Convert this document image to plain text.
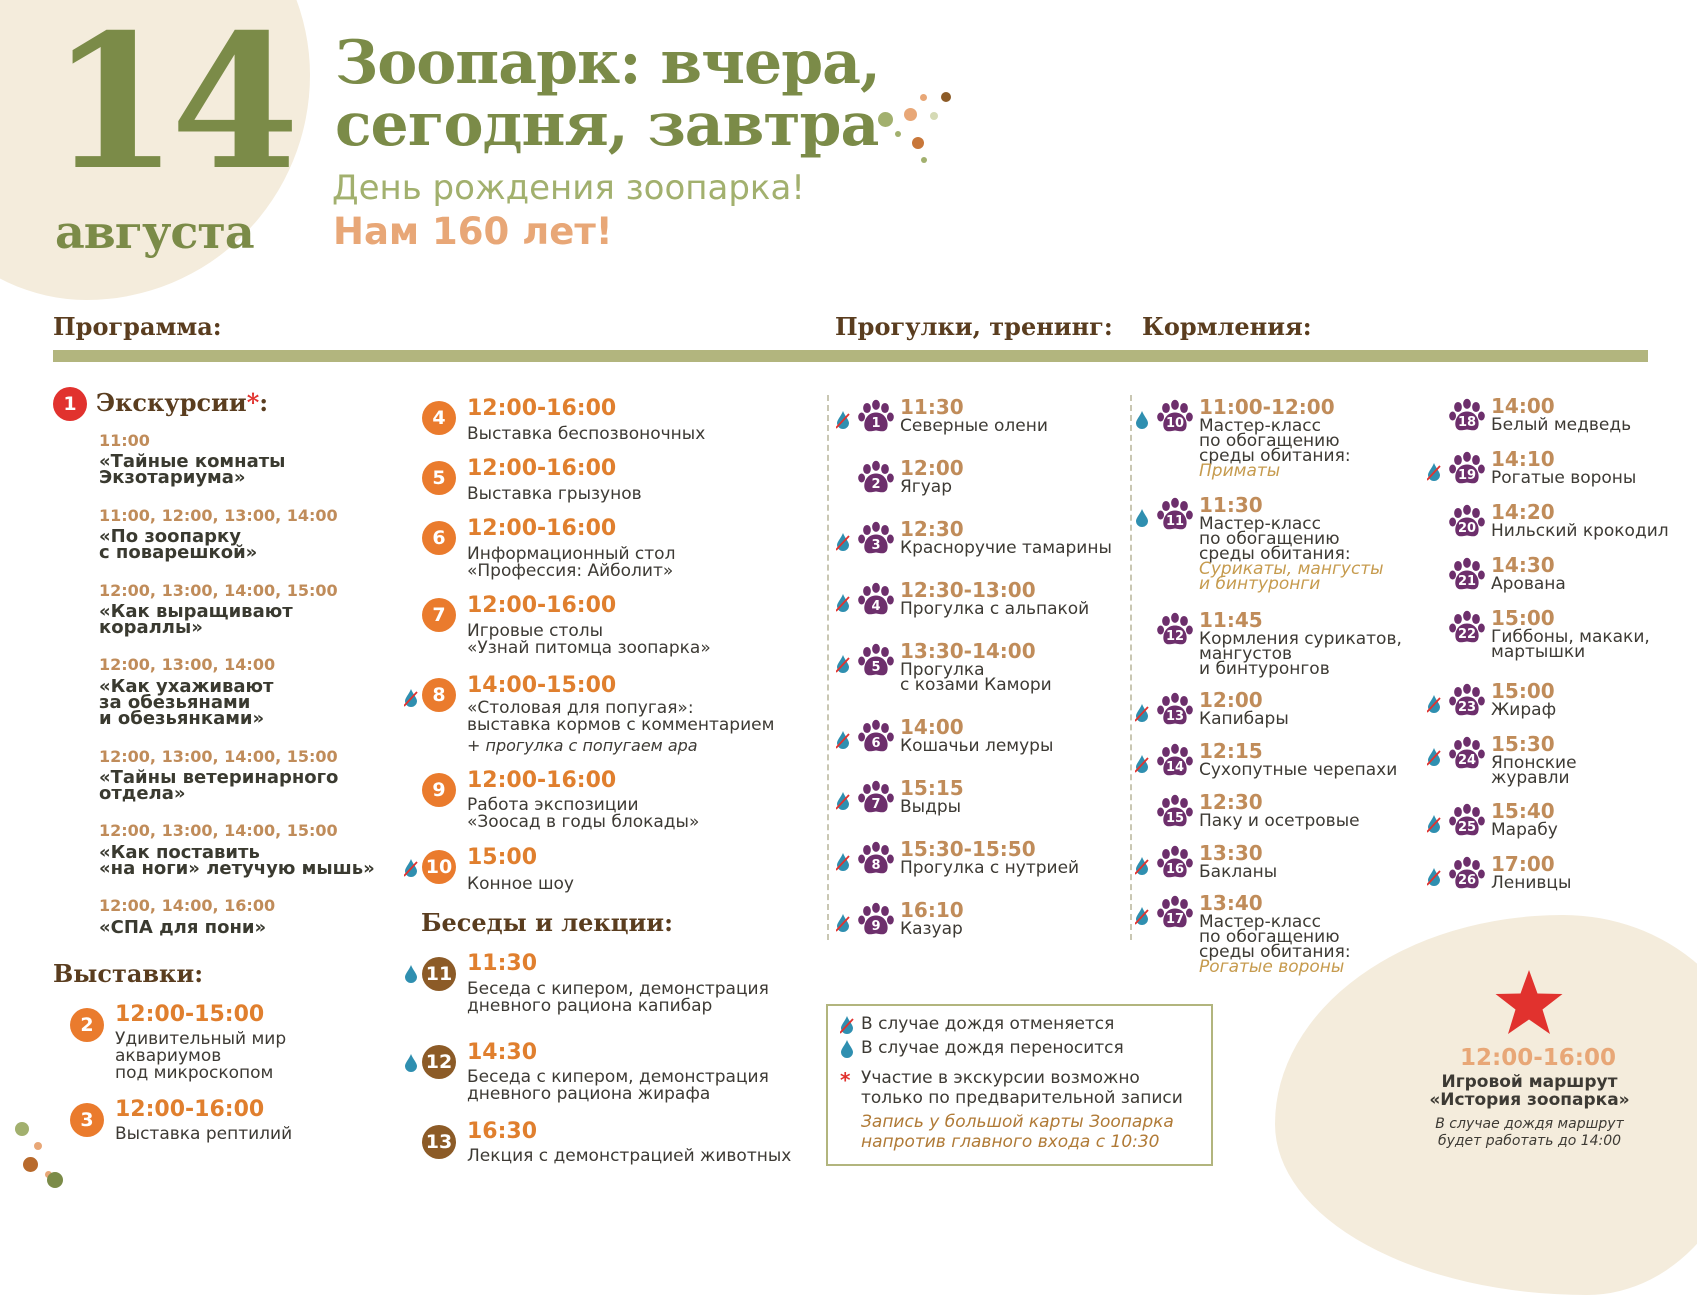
14
августа
Зоопарк: вчера,
сегодня, завтра
День рождения зоопарка!
Нам 160 лет!
Программа:	Прогулки, тренинг: Кормления:
1 Экскурсии*:
11:00
«Тайные комнаты
Экзотариума»
11:00, 12:00, 13:00, 14:00
«По зоопарку
с поварешкой»
12:00, 13:00, 14:00, 15:00
«Как выращивают
кораллы»
12:00, 13:00, 14:00
«Как ухаживают
за обезьянами
и обезьянками»
12:00, 13:00, 14:00, 15:00
«Тайны ветеринарного
отдела»
12:00, 13:00, 14:00, 15:00
«Как поставить
«на ноги» летучую мышь»
12:00, 14:00, 16:00
«СПА для пони»
Выставки:
2 12:00-15:00
Удивительный мир
аквариумов
под микроскопом
3 12:00-16:00
Выставка рептилий
4 12:00-16:00
Выставка беспозвоночных
5 12:00-16:00
Выставка грызунов
6 12:00-16:00
Информационный стол
«Профессия: Айболит»
7 12:00-16:00
Игровые столы
«Узнай питомца зоопарка»
8 14:00-15:00
«Столовая для попугая»:
выставка кормов с комментарием
+ прогулка с попугаем ара
9 12:00-16:00
Работа экспозиции
«Зоосад в годы блокады»
10 15:00
Конное шоу
Беседы и лекции:
11 11:30
Беседа с кипером, демонстрация
дневного рациона капибар
12 14:30
Беседа с кипером, демонстрация
дневного рациона жирафа
13 16:30
Лекция с демонстрацией животных
1
11:30
Северные олени
2
12:00
Ягуар
3
12:30
Красноручие тамарины
4
12:30-13:00
Прогулка с альпакой
5
13:30-14:00
Прогулка
с козами Камори
6
14:00
Кошачьи лемуры
7
15:15
Выдры
8
15:30-15:50
Прогулка с нутрией
9
16:10
Казуар
10
11:00-12:00
Мастер-класс
по обогащению
среды обитания:
Приматы
11
11:30
Мастер-класс
по обогащению
среды обитания:
Сурикаты, мангусты
и бинтуронги
12
11:45
Кормления сурикатов,
мангустов
и бинтуронгов
13
12:00
Капибары
14
12:15
Сухопутные черепахи
15
12:30
Паку и осетровые
16
13:30
Бакланы
17
13:40
Мастер-класс
по обогащению
среды обитания:
Рогатые вороны
18
14:00
Белый медведь
19
14:10
Рогатые вороны
20
14:20
Нильский крокодил
21
14:30
Арована
22
15:00
Гиббоны, макаки,
мартышки
23
15:00
Жираф
24
15:30
Японские
журавли
25
15:40
Марабу
26
17:00
Ленивцы
В случае дождя отменяется
В случае дождя переносится
* Участие в экскурсии возможно
только по предварительной записи
Запись у большой карты Зоопарка
напротив главного входа с 10:30
12:00-16:00
Игровой маршрут
«История зоопарка»
В случае дождя маршрут
будет работать до 14:00
